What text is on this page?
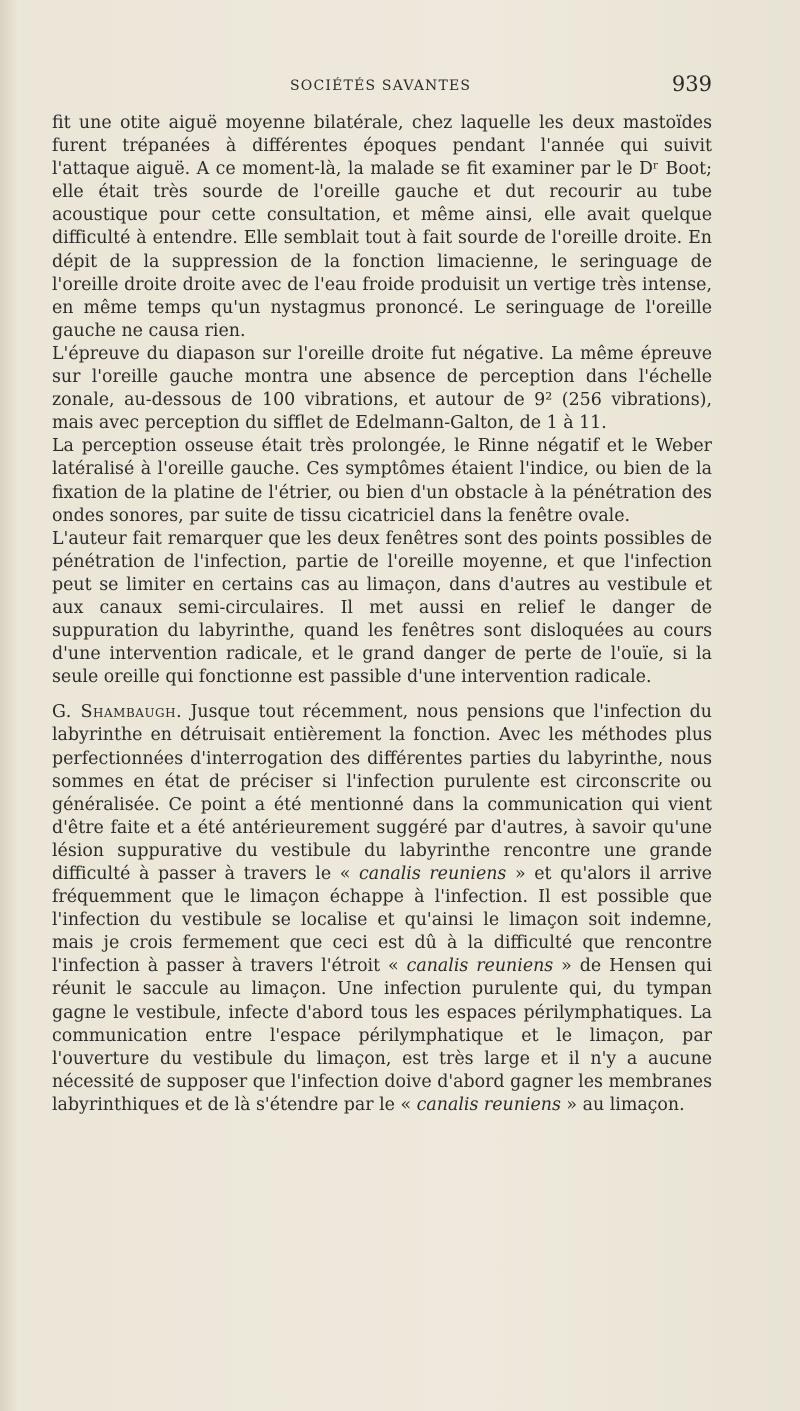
SOCIÉTÉS SAVANTES	939

fit une otite aiguë moyenne bilatérale, chez laquelle les deux mastoïdes furent trépanées à différentes époques pendant l'année qui suivit l'attaque aiguë. A ce moment-là, la malade se fit examiner par le Dʳ Boot; elle était très sourde de l'oreille gauche et dut recourir au tube acoustique pour cette consultation, et même ainsi, elle avait quelque difficulté à entendre. Elle semblait tout à fait sourde de l'oreille droite. En dépit de la suppression de la fonction limacienne, le seringuage de l'oreille droite droite avec de l'eau froide produisit un vertige très intense, en même temps qu'un nystagmus prononcé. Le seringuage de l'oreille gauche ne causa rien.

L'épreuve du diapason sur l'oreille droite fut négative. La même épreuve sur l'oreille gauche montra une absence de perception dans l'échelle zonale, au-dessous de 100 vibrations, et autour de 9² (256 vibrations), mais avec perception du sifflet de Edelmann-Galton, de 1 à 11.

La perception osseuse était très prolongée, le Rinne négatif et le Weber latéralisé à l'oreille gauche. Ces symptômes étaient l'indice, ou bien de la fixation de la platine de l'étrier, ou bien d'un obstacle à la pénétration des ondes sonores, par suite de tissu cicatriciel dans la fenêtre ovale.

L'auteur fait remarquer que les deux fenêtres sont des points possibles de pénétration de l'infection, partie de l'oreille moyenne, et que l'infection peut se limiter en certains cas au limaçon, dans d'autres au vestibule et aux canaux semi-circulaires. Il met aussi en relief le danger de suppuration du labyrinthe, quand les fenêtres sont disloquées au cours d'une intervention radicale, et le grand danger de perte de l'ouïe, si la seule oreille qui fonctionne est passible d'une intervention radicale.

G. Shambaugh. Jusque tout récemment, nous pensions que l'infection du labyrinthe en détruisait entièrement la fonction. Avec les méthodes plus perfectionnées d'interrogation des différentes parties du labyrinthe, nous sommes en état de préciser si l'infection purulente est circonscrite ou généralisée. Ce point a été mentionné dans la communication qui vient d'être faite et a été antérieurement suggéré par d'autres, à savoir qu'une lésion suppurative du vestibule du labyrinthe rencontre une grande difficulté à passer à travers le « canalis reuniens » et qu'alors il arrive fréquemment que le limaçon échappe à l'infection. Il est possible que l'infection du vestibule se localise et qu'ainsi le limaçon soit indemne, mais je crois fermement que ceci est dû à la difficulté que rencontre l'infection à passer à travers l'étroit « canalis reuniens » de Hensen qui réunit le saccule au limaçon. Une infection purulente qui, du tympan gagne le vestibule, infecte d'abord tous les espaces périlymphatiques. La communication entre l'espace périlymphatique et le limaçon, par l'ouverture du vestibule du limaçon, est très large et il n'y a aucune nécessité de supposer que l'infection doive d'abord gagner les membranes labyrinthiques et de là s'étendre par le « canalis reuniens » au limaçon.
